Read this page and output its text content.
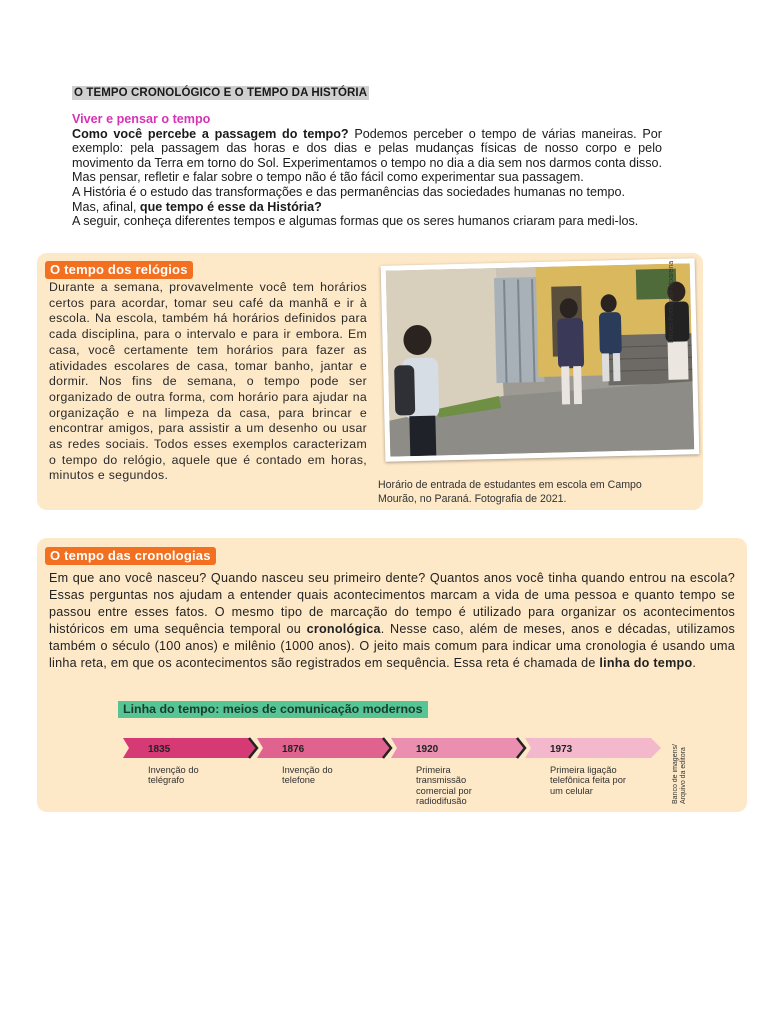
O TEMPO CRONOLÓGICO E O TEMPO DA HISTÓRIA
Viver e pensar o tempo

Como você percebe a passagem do tempo? Podemos perceber o tempo de várias maneiras. Por exemplo: pela passagem das horas e dos dias e pelas mudanças físicas de nosso corpo e pelo movimento da Terra em torno do Sol. Experimentamos o tempo no dia a dia sem nos darmos conta disso. Mas pensar, refletir e falar sobre o tempo não é tão fácil como experimentar sua passagem.

A História é o estudo das transformações e das permanências das sociedades humanas no tempo.

Mas, afinal, que tempo é esse da História?

A seguir, conheça diferentes tempos e algumas formas que os seres humanos criaram para medi-los.

O tempo dos relógios
Durante a semana, provavelmente você tem horários certos para acordar, tomar seu café da manhã e ir à escola. Na escola, também há horários definidos para cada disciplina, para o intervalo e para ir embora. Em casa, você certamente tem horários para fazer as atividades escolares de casa, tomar banho, jantar e dormir. Nos fins de semana, o tempo pode ser organizado de outra forma, com horário para ajudar na organização e na limpeza da casa, para brincar e encontrar amigos, para assistir a um desenho ou usar as redes sociais. Todos esses exemplos caracterizam o tempo do relógio, aquele que é contado em horas, minutos e segundos.
Dirceu Portugal/Fotoarena
Horário de entrada de estudantes em escola em Campo Mourão, no Paraná. Fotografia de 2021.
O tempo das cronologias
Em que ano você nasceu? Quando nasceu seu primeiro dente? Quantos anos você tinha quando entrou na escola? Essas perguntas nos ajudam a entender quais acontecimentos marcam a vida de uma pessoa e quanto tempo se passou entre esses fatos. O mesmo tipo de marcação do tempo é utilizado para organizar os acontecimentos históricos em uma sequência temporal ou cronológica. Nesse caso, além de meses, anos e décadas, utilizamos também o século (100 anos) e milênio (1000 anos). O jeito mais comum para indicar uma cronologia é usando uma linha reta, em que os acontecimentos são registrados em sequência. Essa reta é chamada de linha do tempo.
Linha do tempo: meios de comunicação modernos
1835	1876	1920	1973
Invenção do telégrafo
Invenção do telefone
Primeira transmissão comercial por radiodifusão
Primeira ligação telefônica feita por um celular	Banco de imagens/ Arquivo da editora
